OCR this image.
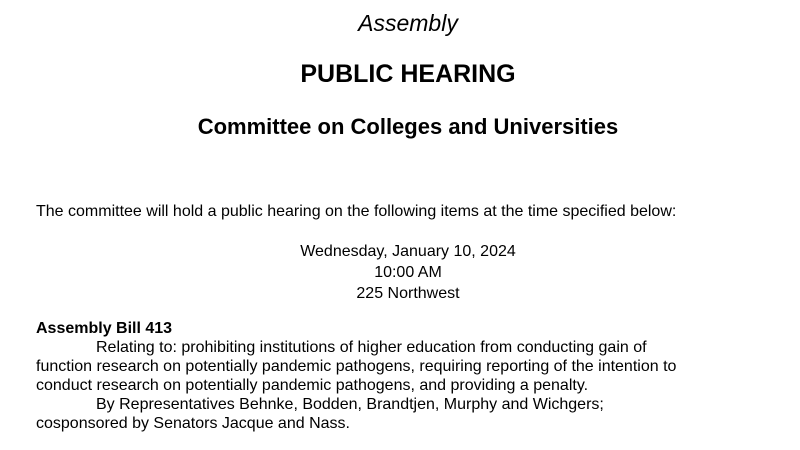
Assembly
PUBLIC HEARING
Committee on Colleges and Universities
The committee will hold a public hearing on the following items at the time specified below:
Wednesday, January 10, 2024
10:00 AM
225 Northwest
Assembly Bill 413
Relating to: prohibiting institutions of higher education from conducting gain of
function research on potentially pandemic pathogens, requiring reporting of the intention to
conduct research on potentially pandemic pathogens, and providing a penalty.
By Representatives Behnke, Bodden, Brandtjen, Murphy and Wichgers;
cosponsored by Senators Jacque and Nass.
